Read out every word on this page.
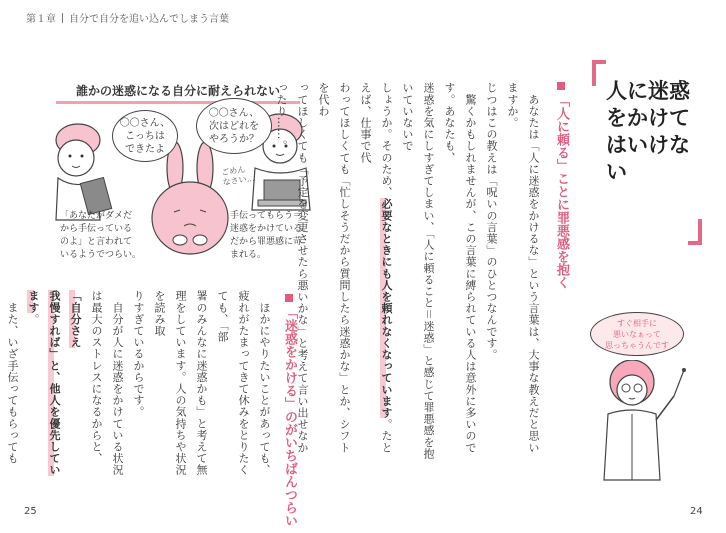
第１章 自分で自分を追い込んでしまう言葉
誰かの迷惑になる自分に耐えられない
〇〇さん、
こっちは
できたよ
〇〇さん、
次はどれを
やろうか？
ごめん
なさい…
「あなたがダメだ
から手伝っている
のよ」と言われて
いるようでつらい。
手伝ってもらう＝
迷惑をかけている。
だから罪悪感に苛
まれる。
「迷惑をかける」のがいちばんつらい

　ほかにやりたいことがあっても、疲れがたまってきて休みをとりたくても、「部

署のみんなに迷惑かも」と考えて無理をしています。人の気持ちや状況を読み取

りすぎているからです。

　自分が人に迷惑をかけている状況は最大のストレスになるからと、「自分さえ

我慢すれば」と、他人を優先しています。

　また、いざ手伝ってもらっても

人に迷惑をかけてはいけない
「人に頼る」ことに罪悪感を抱く

　あなたは「人に迷惑をかけるな」という言葉は、大事な教えだと思いますか。

じつはこの教えは「呪いの言葉」のひとつなんです。

　驚くかもしれませんが、この言葉に縛られている人は意外に多いのです。あなたも、

迷惑を気にしすぎてしまい、「人に頼ること＝迷惑」と感じて罪悪感を抱いていないで

しょうか。そのため、必要なときにも人を頼れなくなっています。たとえば、仕事で代

わってほしくても「忙しそうだから質問したら迷惑かな」とか、シフトを代わ

ってほしくても「予定を変更させたら悪いかな」と考えて言い出せなかったり……。

すぐ相手に
悪いなぁって
思っちゃうんです
25	24
